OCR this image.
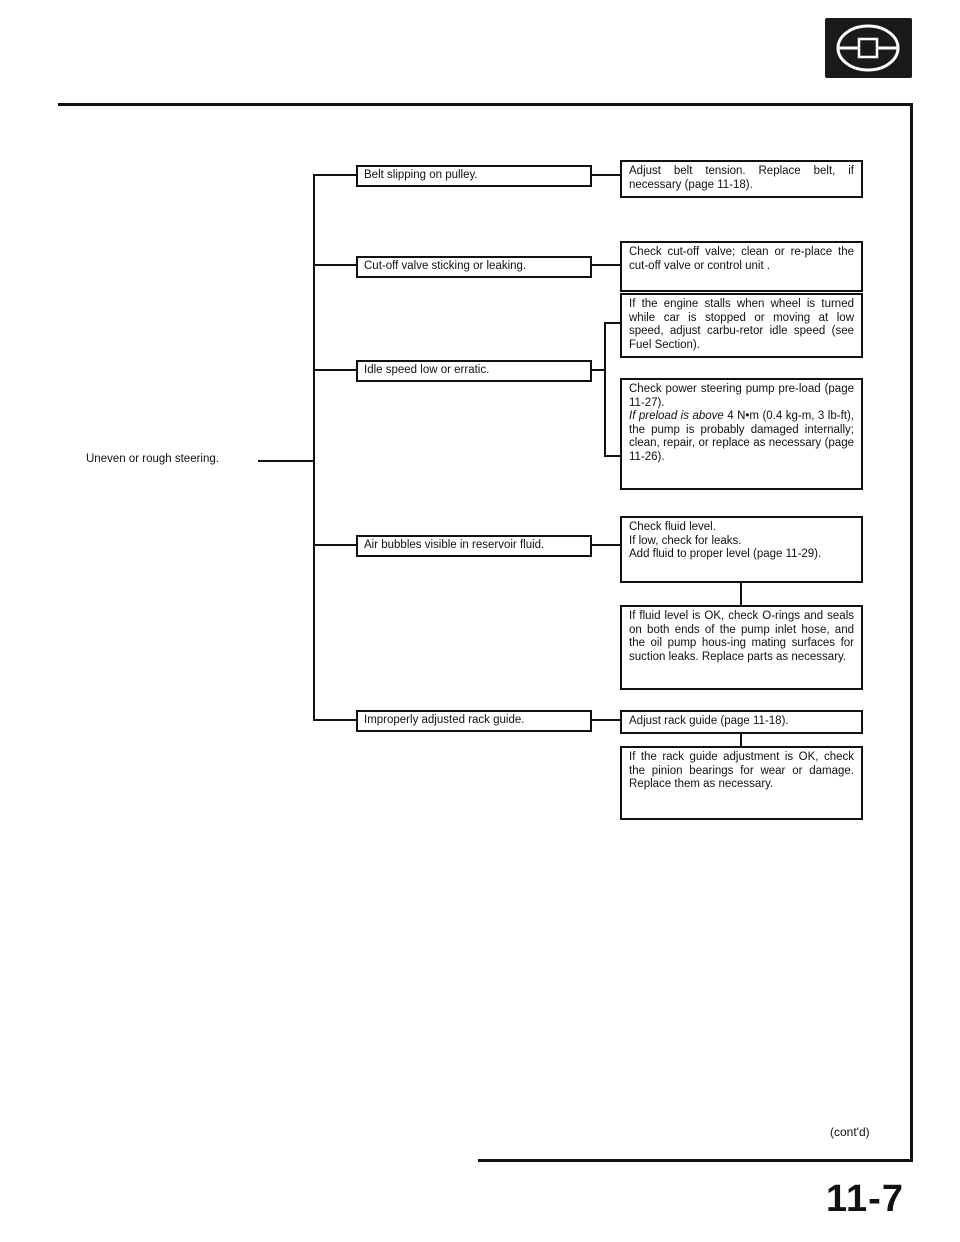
Uneven or rough steering.
Belt slipping on pulley.
Cut-off valve sticking or leaking.
Idle speed low or erratic.
Air bubbles visible in reservoir fluid.
Improperly adjusted rack guide.
Adjust belt tension. Replace belt, if necessary (page 11-18).
Check cut-off valve; clean or re-place the cut-off valve or control unit .
If the engine stalls when wheel is turned while car is stopped or moving at low speed, adjust carbu-retor idle speed (see Fuel Section).
Check power steering pump pre-load (page 11-27).
If preload is above 4 N•m (0.4 kg-m, 3 lb-ft), the pump is probably damaged internally; clean, repair, or replace as necessary (page 11-26).
Check fluid level.
If low, check for leaks.
Add fluid to proper level (page 11-29).
If fluid level is OK, check O-rings and seals on both ends of the pump inlet hose, and the oil pump hous-ing mating surfaces for suction leaks. Replace parts as necessary.
Adjust rack guide (page 11-18).
If the rack guide adjustment is OK, check the pinion bearings for wear or damage. Replace them as necessary.
(cont'd)
11-7
